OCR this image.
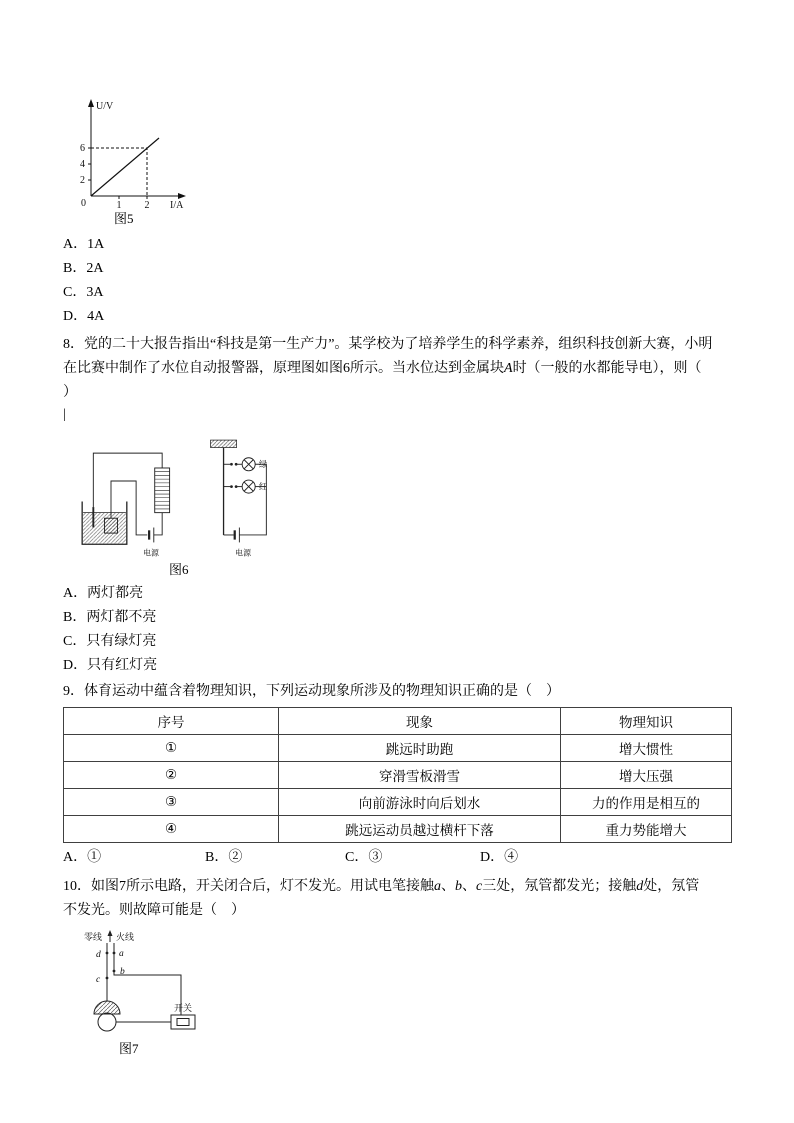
U/V
I/A
6
4
2
0	1 2
图5
A．1A
B．2A
C．3A
D．4A
8．党的二十大报告指出“科技是第一生产力”。某学校为了培养学生的科学素养，组织科技创新大赛，小明
在比赛中制作了水位自动报警器，原理图如图6所示。当水位达到金属块A时（一般的水都能导电），则（
）
|
电源
绿
红
电源
图6
A．两灯都亮
B．两灯都不亮
C．只有绿灯亮
D．只有红灯亮
9．体育运动中蕴含着物理知识，下列运动现象所涉及的物理知识正确的是（　）
序号	现象	物理知识
①	跳远时助跑	增大惯性
②	穿滑雪板滑雪	增大压强
③	向前游泳时向后划水	力的作用是相互的
④	跳远运动员越过横杆下落	重力势能增大
A．①	B．②	C．③	D．④
10．如图7所示电路，开关闭合后，灯不发光。用试电笔接触a、b、c三处，氖管都发光；接触d处，氖管
不发光。则故障可能是（　）
零线 火线
d a
c
b
开关
图7
